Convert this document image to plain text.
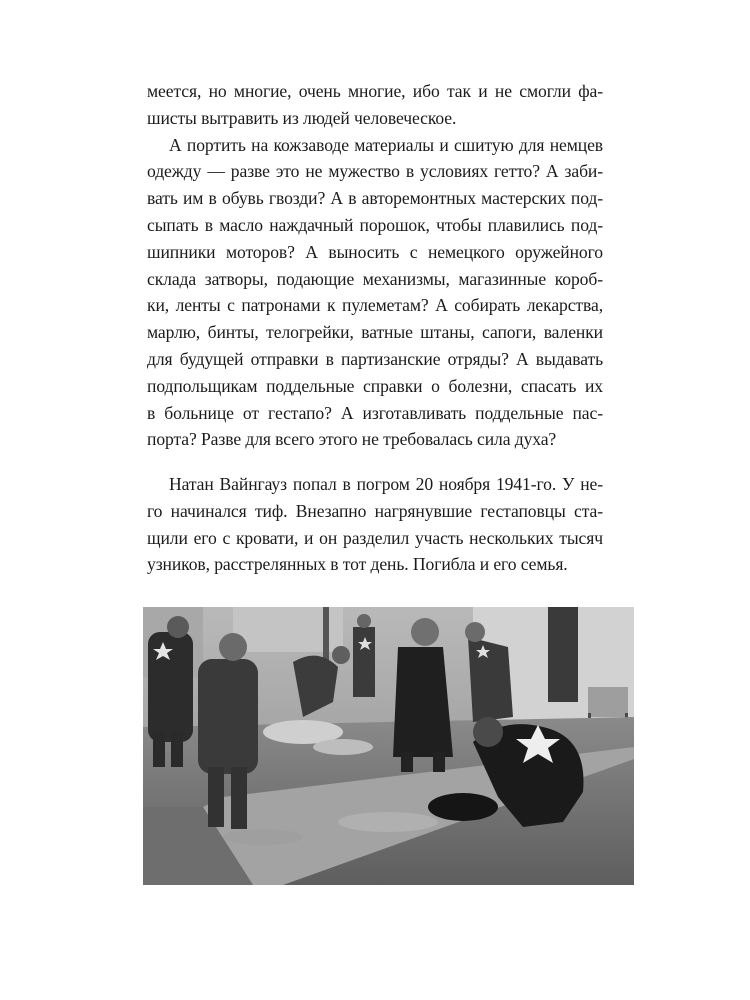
меется, но многие, очень многие, ибо так и не смогли фа-
шисты вытравить из людей человеческое.
А портить на кожзаводе материалы и сшитую для немцев
одежду — разве это не мужество в условиях гетто? А заби-
вать им в обувь гвозди? А в авторемонтных мастерских под-
сыпать в масло наждачный порошок, чтобы плавились под-
шипники моторов? А выносить с немецкого оружейного
склада затворы, подающие механизмы, магазинные короб-
ки, ленты с патронами к пулеметам? А собирать лекарства,
марлю, бинты, телогрейки, ватные штаны, сапоги, валенки
для будущей отправки в партизанские отряды? А выдавать
подпольщикам поддельные справки о болезни, спасать их
в больнице от гестапо? А изготавливать поддельные пас-
порта? Разве для всего этого не требовалась сила духа?
Натан Вайнгауз попал в погром 20 ноября 1941-го. У не-
го начинался тиф. Внезапно нагрянувшие гестаповцы ста-
щили его с кровати, и он разделил участь нескольких тысяч
узников, расстрелянных в тот день. Погибла и его семья.
